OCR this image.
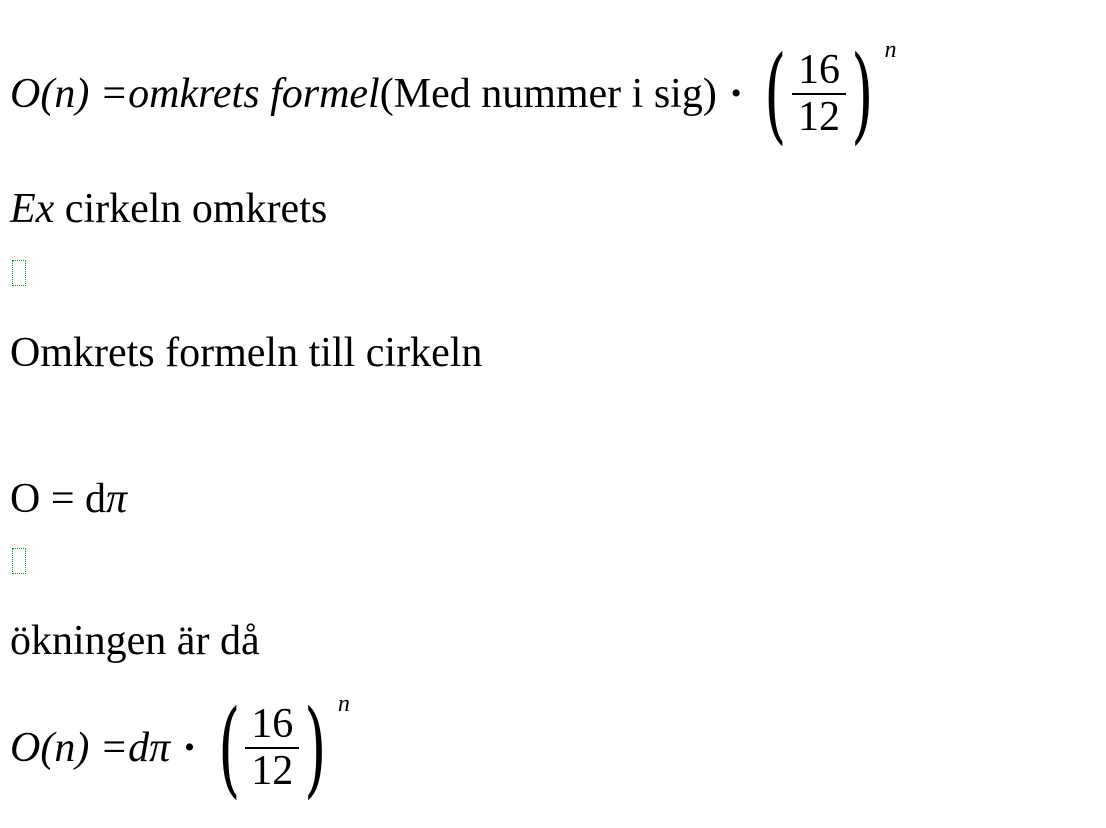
O(n) = omkrets formel (Med nummer i sig) • ( $\frac{16}{12}$ ) n
Ex cirkeln omkrets
Omkrets formeln till cirkeln
O = dπ
ökningen är då
O(n) = dπ • ( $\frac{16}{12}$ ) n
